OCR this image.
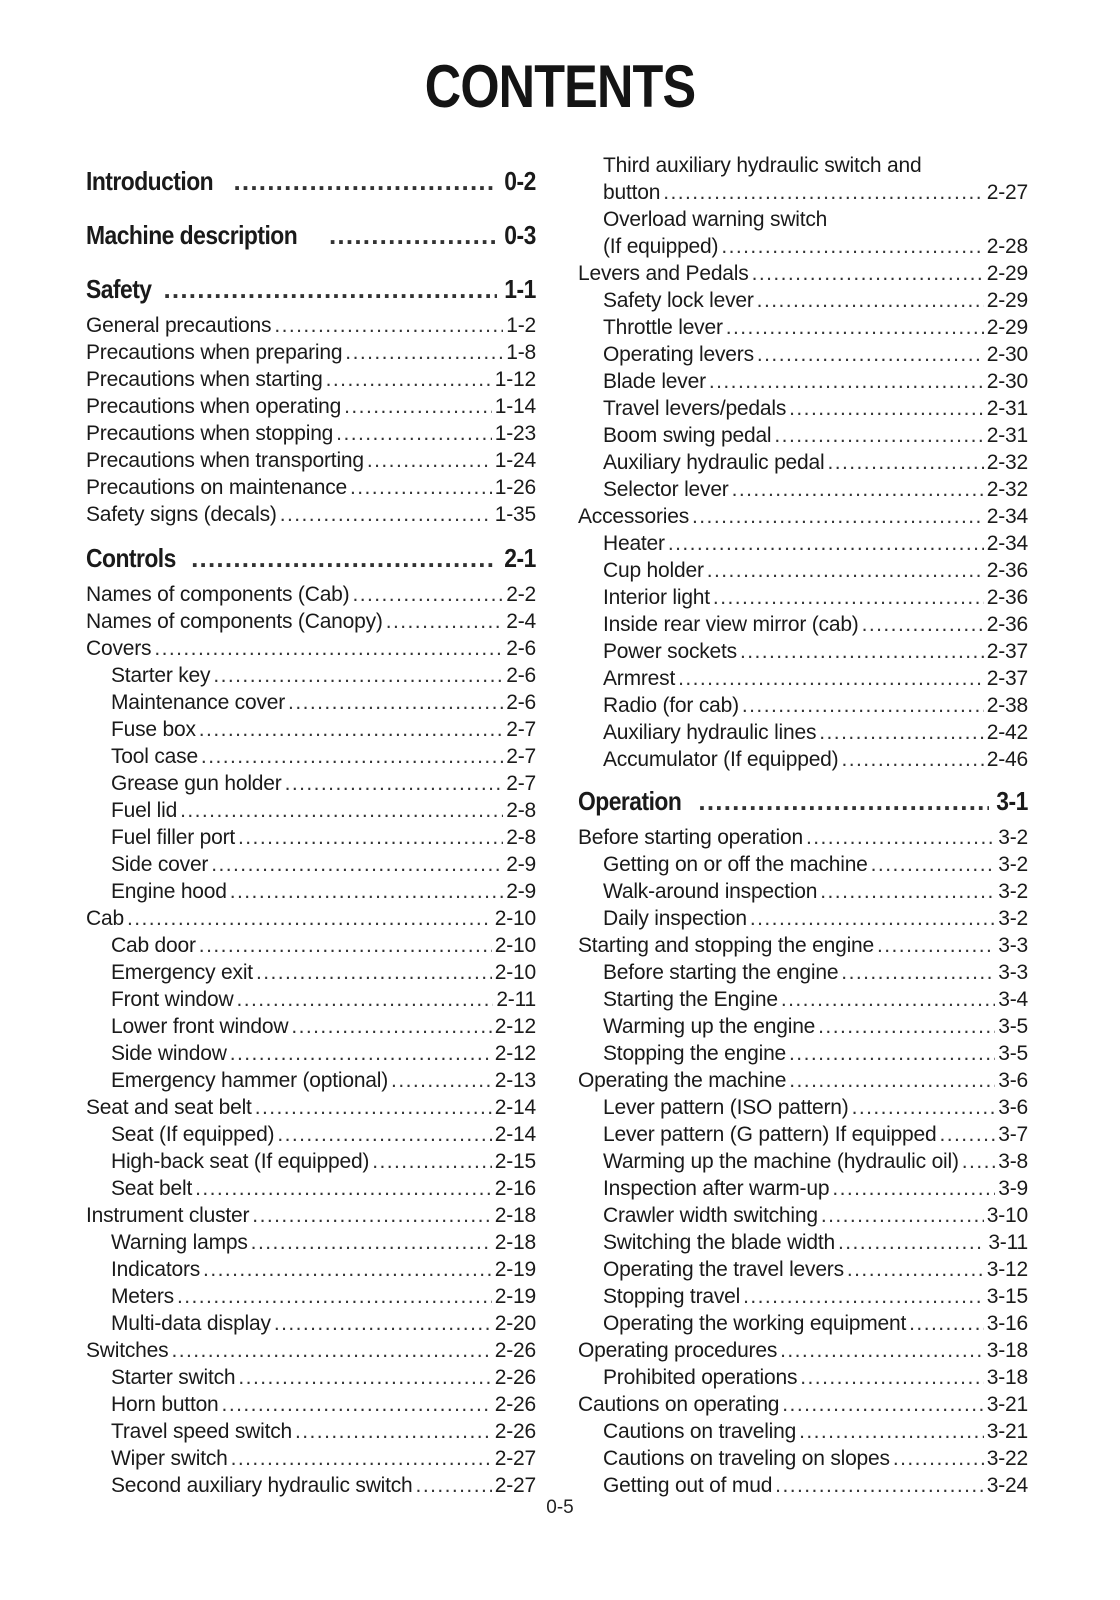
CONTENTS
Introduction . . .	0-2
Machine description . . .	0-3
Safety . . .	1-1
General precautions . . .	1-2
Precautions when preparing . . .	1-8
Precautions when starting . . .	1-12
Precautions when operating . . .	1-14
Precautions when stopping . . .	1-23
Precautions when transporting . . .	1-24
Precautions on maintenance . . .	1-26
Safety signs (decals) . . .	1-35
Controls . . .	2-1
Names of components (Cab) . . .	2-2
Names of components (Canopy) . . .	2-4
Covers . . .	2-6
Starter key . . .	2-6
Maintenance cover . . .	2-6
Fuse box . . .	2-7
Tool case . . .	2-7
Grease gun holder . . .	2-7
Fuel lid . . .	2-8
Fuel filler port . . .	2-8
Side cover . . .	2-9
Engine hood . . .	2-9
Cab . . .	2-10
Cab door . . .	2-10
Emergency exit . . .	2-10
Front window . . .	2-11
Lower front window . . .	2-12
Side window . . .	2-12
Emergency hammer (optional) . . .	2-13
Seat and seat belt . . .	2-14
Seat (If equipped) . . .	2-14
High-back seat (If equipped) . . .	2-15
Seat belt . . .	2-16
Instrument cluster . . .	2-18
Warning lamps . . .	2-18
Indicators . . .	2-19
Meters . . .	2-19
Multi-data display . . .	2-20
Switches . . .	2-26
Starter switch . . .	2-26
Horn button . . .	2-26
Travel speed switch . . .	2-26
Wiper switch . . .	2-27
Second auxiliary hydraulic switch . . .	2-27
Third auxiliary hydraulic switch and
button . . .	2-27
Overload warning switch
(If equipped) . . .	2-28
Levers and Pedals . . .	2-29
Safety lock lever . . .	2-29
Throttle lever . . .	2-29
Operating levers . . .	2-30
Blade lever . . .	2-30
Travel levers/pedals . . .	2-31
Boom swing pedal . . .	2-31
Auxiliary hydraulic pedal . . .	2-32
Selector lever . . .	2-32
Accessories . . .	2-34
Heater . . .	2-34
Cup holder . . .	2-36
Interior light . . .	2-36
Inside rear view mirror (cab) . . .	2-36
Power sockets . . .	2-37
Armrest . . .	2-37
Radio (for cab) . . .	2-38
Auxiliary hydraulic lines . . .	2-42
Accumulator (If equipped) . . .	2-46
Operation . . .	3-1
Before starting operation . . .	3-2
Getting on or off the machine . . .	3-2
Walk-around inspection . . .	3-2
Daily inspection . . .	3-2
Starting and stopping the engine . . .	3-3
Before starting the engine . . .	3-3
Starting the Engine . . .	3-4
Warming up the engine . . .	3-5
Stopping the engine . . .	3-5
Operating the machine . . .	3-6
Lever pattern (ISO pattern) . . .	3-6
Lever pattern (G pattern) If equipped . . .	3-7
Warming up the machine (hydraulic oil) . . . 3-8
Inspection after warm-up . . .	3-9
Crawler width switching . . .	3-10
Switching the blade width . . .	3-11
Operating the travel levers . . .	3-12
Stopping travel . . .	3-15
Operating the working equipment . . .	3-16
Operating procedures . . .	3-18
Prohibited operations . . .	3-18
Cautions on operating . . .	3-21
Cautions on traveling . . .	3-21
Cautions on traveling on slopes . . .	3-22
Getting out of mud . . .	3-24
0-5
